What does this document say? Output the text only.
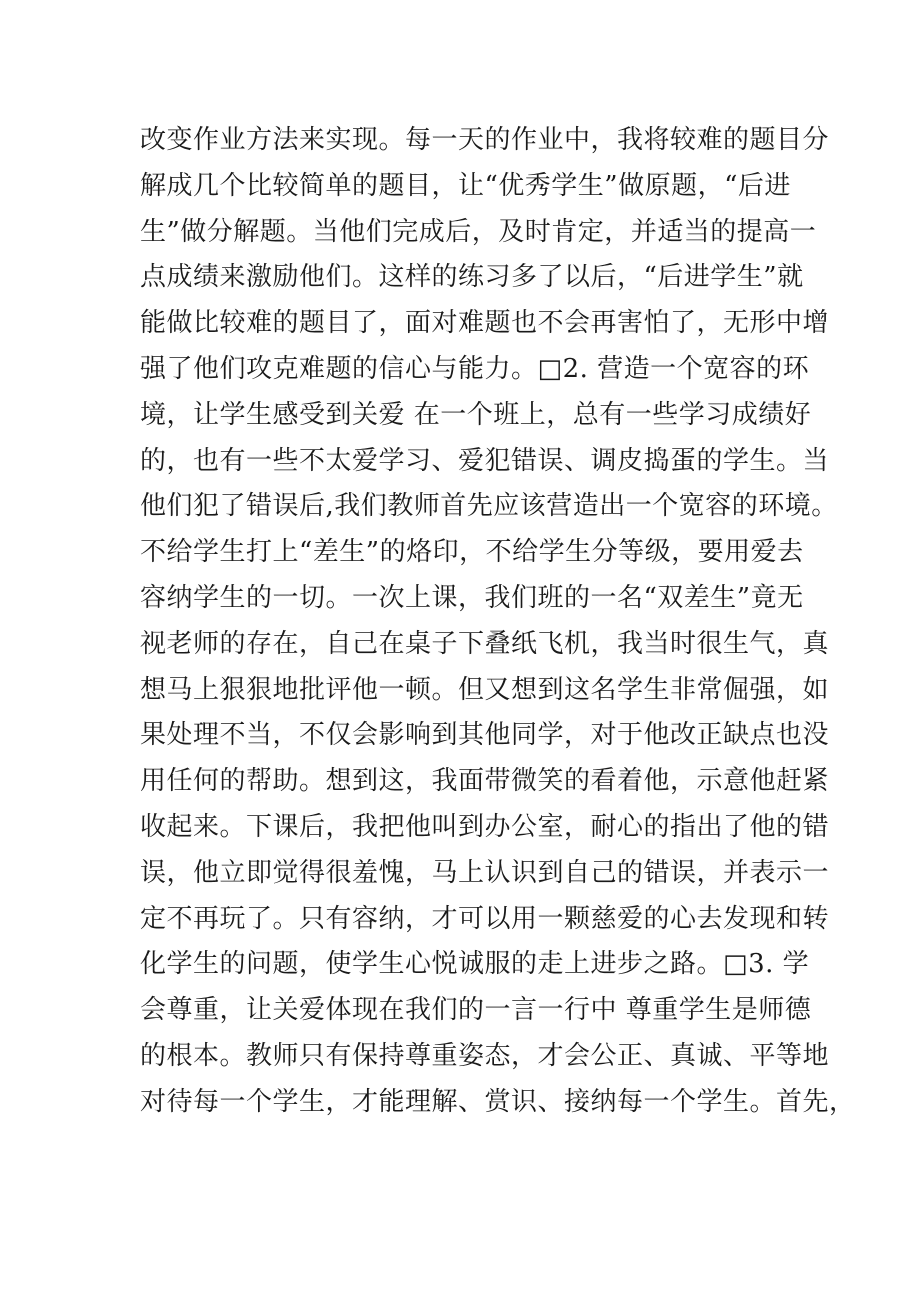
改变作业方法来实现。每一天的作业中，我将较难的题目分
解成几个比较简单的题目，让“优秀学生”做原题，“后进
生”做分解题。当他们完成后，及时肯定，并适当的提高一
点成绩来激励他们。这样的练习多了以后，“后进学生”就
能做比较难的题目了，面对难题也不会再害怕了，无形中增
强了他们攻克难题的信心与能力。□2. 营造一个宽容的环
境，让学生感受到关爱 在一个班上，总有一些学习成绩好
的，也有一些不太爱学习、爱犯错误、调皮捣蛋的学生。当
他们犯了错误后,我们教师首先应该营造出一个宽容的环境。
不给学生打上“差生”的烙印，不给学生分等级，要用爱去
容纳学生的一切。一次上课，我们班的一名“双差生”竟无
视老师的存在，自己在桌子下叠纸飞机，我当时很生气，真
想马上狠狠地批评他一顿。但又想到这名学生非常倔强，如
果处理不当，不仅会影响到其他同学，对于他改正缺点也没
用任何的帮助。想到这，我面带微笑的看着他，示意他赶紧
收起来。下课后，我把他叫到办公室，耐心的指出了他的错
误，他立即觉得很羞愧，马上认识到自己的错误，并表示一
定不再玩了。只有容纳，才可以用一颗慈爱的心去发现和转
化学生的问题，使学生心悦诚服的走上进步之路。□3. 学
会尊重，让关爱体现在我们的一言一行中 尊重学生是师德
的根本。教师只有保持尊重姿态，才会公正、真诚、平等地
对待每一个学生，才能理解、赏识、接纳每一个学生。首先，
